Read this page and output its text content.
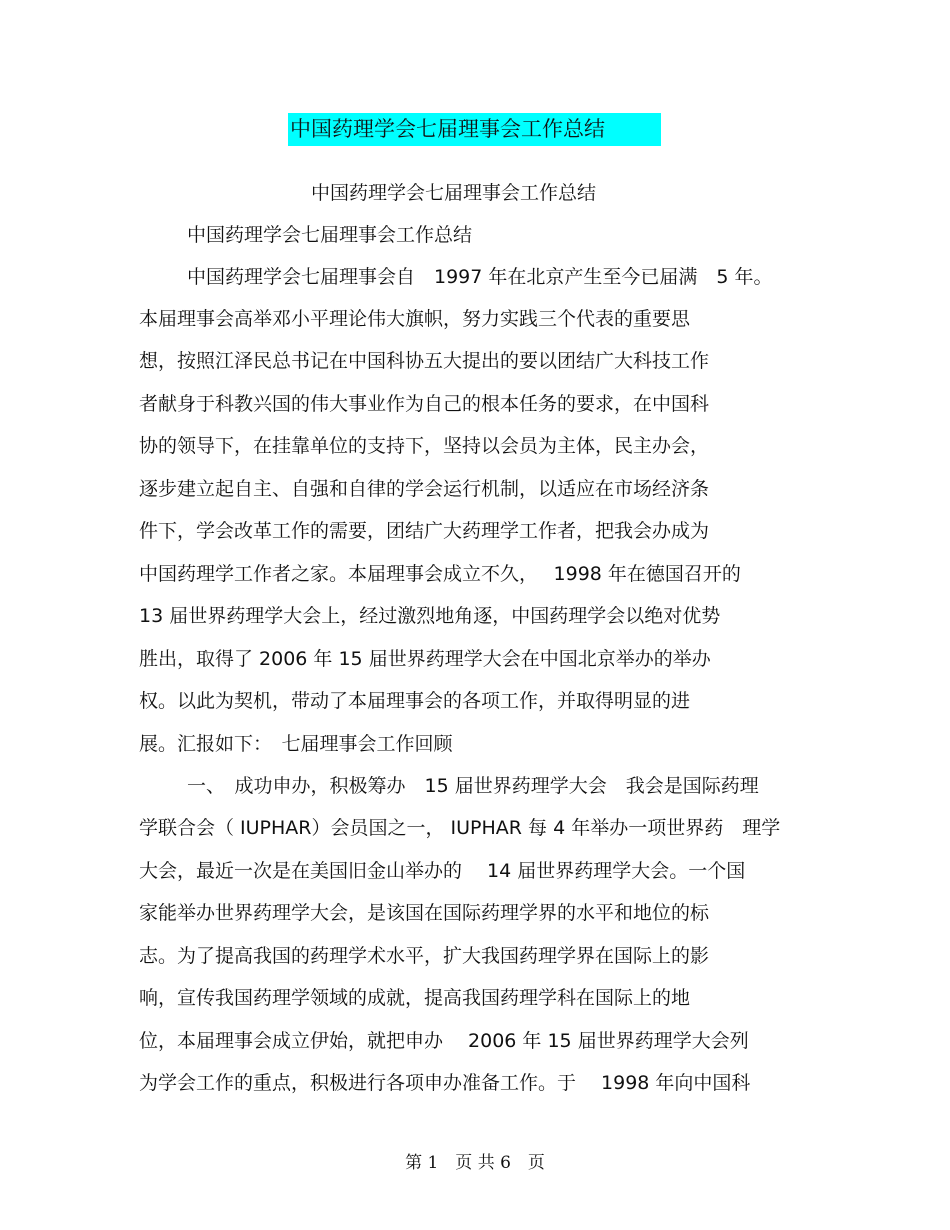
中国药理学会七届理事会工作总结
中国药理学会七届理事会工作总结
中国药理学会七届理事会工作总结
中国药理学会七届理事会自　1997 年在北京产生至今已届满　5 年。
本届理事会高举邓小平理论伟大旗帜，努力实践三个代表的重要思
想，按照江泽民总书记在中国科协五大提出的要以团结广大科技工作
者献身于科教兴国的伟大事业作为自己的根本任务的要求，在中国科
协的领导下，在挂靠单位的支持下，坚持以会员为主体，民主办会，
逐步建立起自主、自强和自律的学会运行机制，以适应在市场经济条
件下，学会改革工作的需要，团结广大药理学工作者，把我会办成为
中国药理学工作者之家。本届理事会成立不久，　 1998 年在德国召开的
13 届世界药理学大会上，经过激烈地角逐，中国药理学会以绝对优势
胜出，取得了 2006 年 15 届世界药理学大会在中国北京举办的举办
权。以此为契机，带动了本届理事会的各项工作，并取得明显的进
展。汇报如下：　七届理事会工作回顾
一、　成功申办，积极筹办　15 届世界药理学大会　我会是国际药理
学联合会（ IUPHAR）会员国之一， IUPHAR 每 4 年举办一项世界药　理学
大会，最近一次是在美国旧金山举办的　 14 届世界药理学大会。一个国
家能举办世界药理学大会，是该国在国际药理学界的水平和地位的标
志。为了提高我国的药理学术水平，扩大我国药理学界在国际上的影
响，宣传我国药理学领域的成就，提高我国药理学科在国际上的地
位，本届理事会成立伊始，就把申办　 2006 年 15 届世界药理学大会列
为学会工作的重点，积极进行各项申办准备工作。于　 1998 年向中国科
第 1　页 共 6　页
